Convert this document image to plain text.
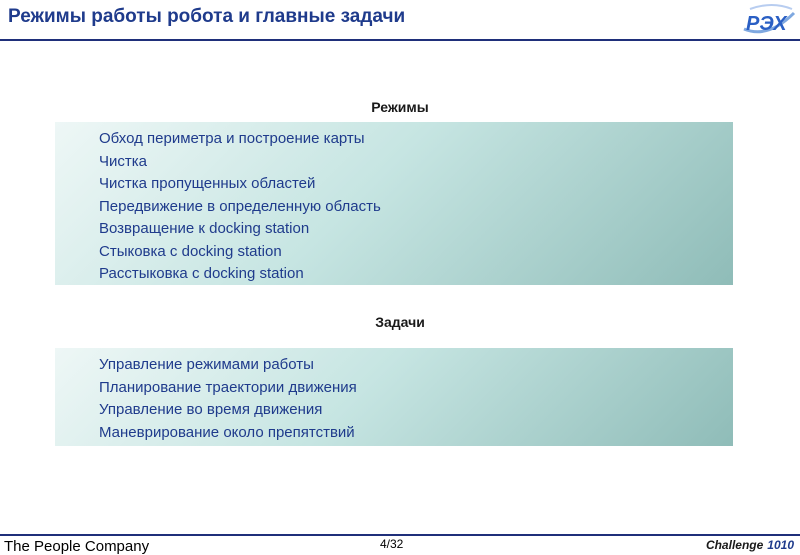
Режимы работы робота и главные задачи	РЭХ
Режимы
Обход периметра и построение карты
Чистка
Чистка пропущенных областей
Передвижение в определенную область
Возвращение к docking station
Стыковка с docking station
Расстыковка с docking station
Задачи
Управление режимами работы
Планирование траектории движения
Управление во время движения
Маневрирование около препятствий
The People Company	4/32	Challenge 1010
